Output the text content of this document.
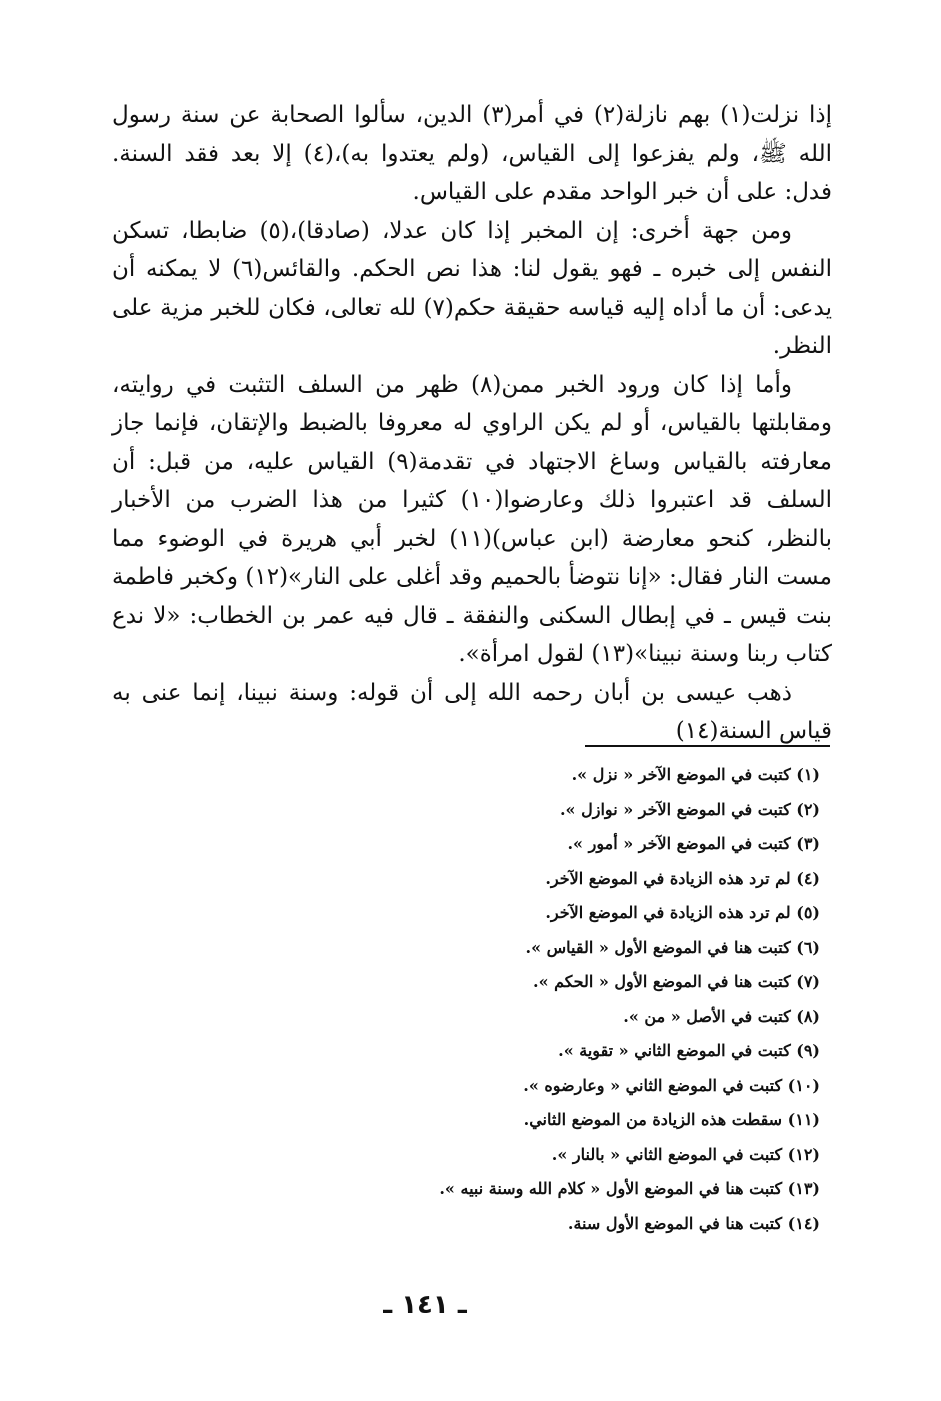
إذا نزلت(١) بهم نازلة(٢) في أمر(٣) الدين، سألوا الصحابة عن سنة رسول الله ﷺ، ولم يفزعوا إلى القياس، (ولم يعتدوا به)،(٤) إلا بعد فقد السنة. فدل: على أن خبر الواحد مقدم على القياس.

ومن جهة أخرى: إن المخبر إذا كان عدلا، (صادقا)،(٥) ضابطا، تسكن النفس إلى خبره ـ فهو يقول لنا: هذا نص الحكم. والقائس(٦) لا يمكنه أن يدعى: أن ما أداه إليه قياسه حقيقة حكم(٧) لله تعالى، فكان للخبر مزية على النظر.

وأما إذا كان ورود الخبر ممن(٨) ظهر من السلف التثبت في روايته، ومقابلتها بالقياس، أو لم يكن الراوي له معروفا بالضبط والإتقان، فإنما جاز معارفته بالقياس وساغ الاجتهاد في تقدمة(٩) القياس عليه، من قبل: أن السلف قد اعتبروا ذلك وعارضوا(١٠) كثيرا من هذا الضرب من الأخبار بالنظر، كنحو معارضة (ابن عباس)(١١) لخبر أبي هريرة في الوضوء مما مست النار فقال: «إنا نتوضأ بالحميم وقد أغلى على النار»(١٢) وكخبر فاطمة بنت قيس ـ في إبطال السكنى والنفقة ـ قال فيه عمر بن الخطاب: «لا ندع كتاب ربنا وسنة نبينا»(١٣) لقول امرأة».

ذهب عيسى بن أبان رحمه الله إلى أن قوله: وسنة نبينا، إنما عنى به قياس السنة(١٤)

(١) كتبت في الموضع الآخر « نزل ».
(٢) كتبت في الموضع الآخر « نوازل ».
(٣) كتبت في الموضع الآخر « أمور ».
(٤) لم ترد هذه الزيادة في الموضع الآخر.
(٥) لم ترد هذه الزيادة في الموضع الآخر.
(٦) كتبت هنا في الموضع الأول « القياس ».
(٧) كتبت هنا في الموضع الأول « الحكم ».
(٨) كتبت في الأصل « من ».
(٩) كتبت في الموضع الثاني « تقوية ».
(١٠) كتبت في الموضع الثاني « وعارضوه ».
(١١) سقطت هذه الزيادة من الموضع الثاني.
(١٢) كتبت في الموضع الثاني « بالنار ».
(١٣) كتبت هنا في الموضع الأول « كلام الله وسنة نبيه ».
(١٤) كتبت هنا في الموضع الأول سنة.
ـ ١٤١ ـ
